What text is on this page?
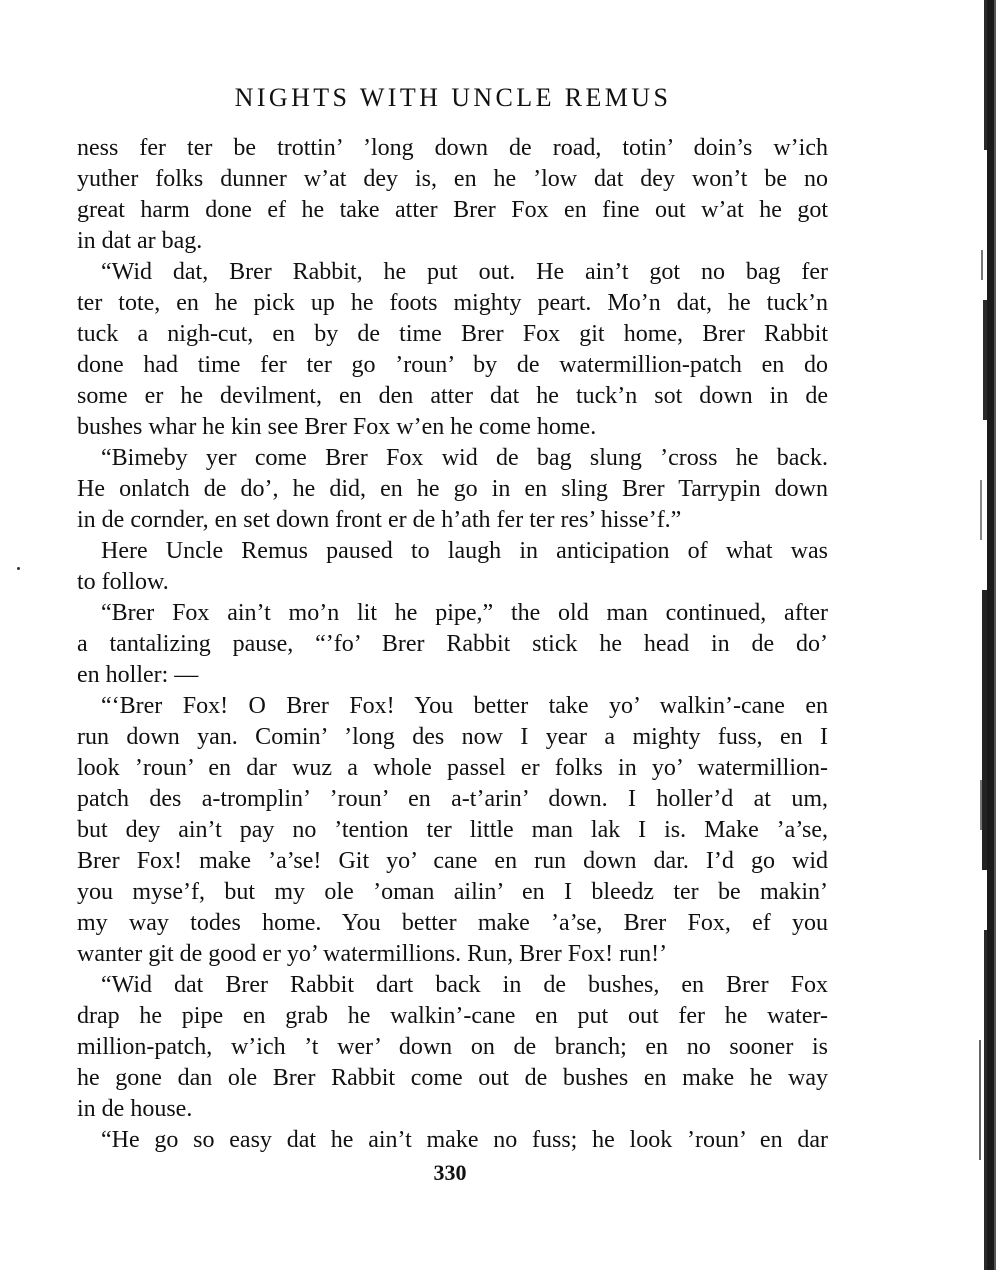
NIGHTS WITH UNCLE REMUS
ness fer ter be trottin’ ’long down de road, totin’ doin’s w’ich
yuther folks dunner w’at dey is, en he ’low dat dey won’t be no
great harm done ef he take atter Brer Fox en fine out w’at he got
in dat ar bag.
“Wid dat, Brer Rabbit, he put out. He ain’t got no bag fer
ter tote, en he pick up he foots mighty peart. Mo’n dat, he tuck’n
tuck a nigh-cut, en by de time Brer Fox git home, Brer Rabbit
done had time fer ter go ’roun’ by de watermillion-patch en do
some er he devilment, en den atter dat he tuck’n sot down in de
bushes whar he kin see Brer Fox w’en he come home.
“Bimeby yer come Brer Fox wid de bag slung ’cross he back.
He onlatch de do’, he did, en he go in en sling Brer Tarrypin down
in de cornder, en set down front er de h’ath fer ter res’ hisse’f.”
Here Uncle Remus paused to laugh in anticipation of what was
to follow.
“Brer Fox ain’t mo’n lit he pipe,” the old man continued, after
a tantalizing pause, “’fo’ Brer Rabbit stick he head in de do’
en holler: —
“‘Brer Fox! O Brer Fox! You better take yo’ walkin’-cane en
run down yan. Comin’ ’long des now I year a mighty fuss, en I
look ’roun’ en dar wuz a whole passel er folks in yo’ watermillion-
patch des a-tromplin’ ’roun’ en a-t’arin’ down. I holler’d at um,
but dey ain’t pay no ’tention ter little man lak I is. Make ’a’se,
Brer Fox! make ’a’se! Git yo’ cane en run down dar. I’d go wid
you myse’f, but my ole ’oman ailin’ en I bleedz ter be makin’
my way todes home. You better make ’a’se, Brer Fox, ef you
wanter git de good er yo’ watermillions. Run, Brer Fox! run!’
“Wid dat Brer Rabbit dart back in de bushes, en Brer Fox
drap he pipe en grab he walkin’-cane en put out fer he water-
million-patch, w’ich ’t wer’ down on de branch; en no sooner is
he gone dan ole Brer Rabbit come out de bushes en make he way
in de house.
“He go so easy dat he ain’t make no fuss; he look ’roun’ en dar
330
